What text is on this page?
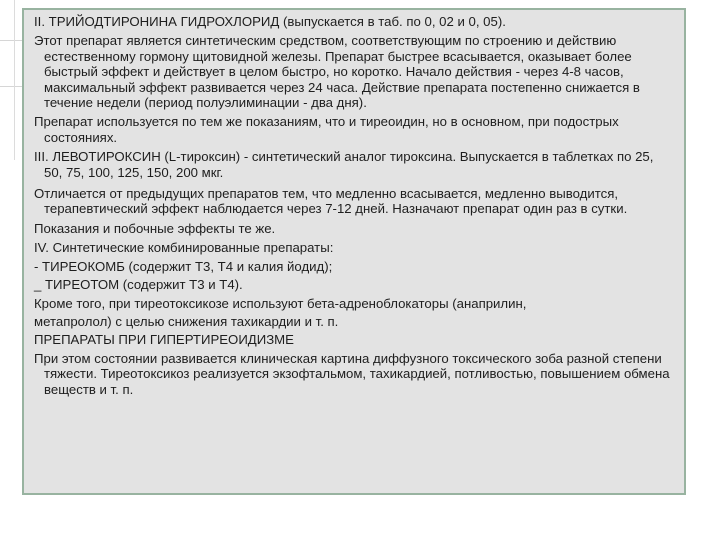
II. ТРИЙОДТИРОНИНА ГИДРОХЛОРИД (выпускается в таб. по 0, 02 и 0, 05).

Этот препарат является синтетическим средством, соответствующим по строению и действию естественному гормону щитовидной железы. Препарат быстрее всасывается, оказывает более быстрый эффект и действует в целом быстро, но коротко. Начало действия - через 4-8 часов, максимальный эффект развивается через 24 часа. Действие препарата постепенно снижается в течение недели (период полуэлиминации - два дня).

Препарат используется по тем же показаниям, что и тиреоидин, но в основном, при подострых состояниях.

III. ЛЕВОТИРОКСИН (L-тироксин) - синтетический аналог тироксина. Выпускается в таблетках по 25, 50, 75, 100, 125, 150, 200 мкг.

Отличается от предыдущих препаратов тем, что медленно всасывается, медленно выводится, терапевтический эффект наблюдается через 7-12 дней. Назначают препарат один раз в сутки.

Показания и побочные эффекты те же.

IV. Синтетические комбинированные препараты:

- ТИРЕОКОМБ (содержит Т3, Т4 и калия йодид);

_ ТИРЕОТОМ (содержит Т3 и Т4).

Кроме того, при тиреотоксикозе используют бета-адреноблокаторы (анаприлин,

метапролол) с целью снижения тахикардии и т. п.

ПРЕПАРАТЫ ПРИ ГИПЕРТИРЕОИДИЗМЕ

При этом состоянии развивается клиническая картина диффузного токсического зоба разной степени тяжести. Тиреотоксикоз реализуется экзофтальмом, тахикардией, потливостью, повышением обмена веществ и т. п.
